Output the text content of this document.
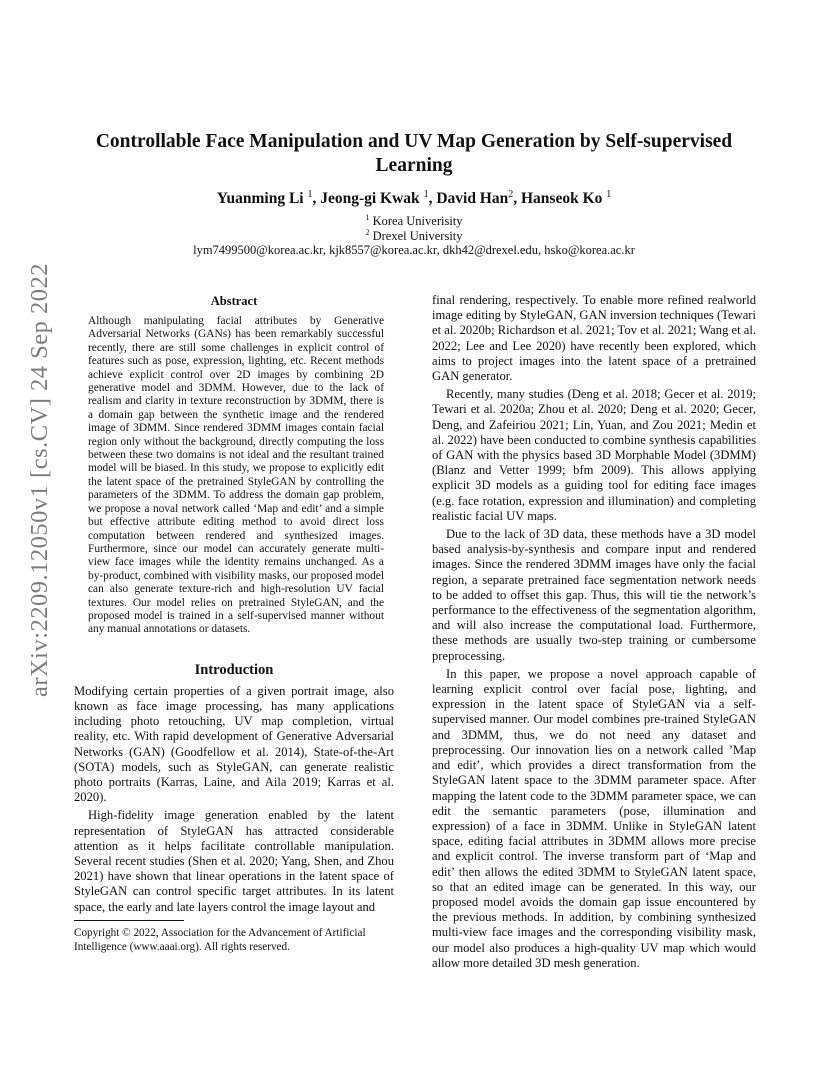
arXiv:2209.12050v1 [cs.CV] 24 Sep 2022
Controllable Face Manipulation and UV Map Generation by Self-supervised Learning

Yuanming Li $^1$, Jeong-gi Kwak $^1$, David Han$^2$, Hanseok Ko $^1$

$^1$ Korea Univerisity

$^2$ Drexel University

lym7499500@korea.ac.kr, kjk8557@korea.ac.kr, dkh42@drexel.edu, hsko@korea.ac.kr

Abstract

Although manipulating facial attributes by Generative Adversarial Networks (GANs) has been remarkably successful recently, there are still some challenges in explicit control of features such as pose, expression, lighting, etc. Recent methods achieve explicit control over 2D images by combining 2D generative model and 3DMM. However, due to the lack of realism and clarity in texture reconstruction by 3DMM, there is a domain gap between the synthetic image and the rendered image of 3DMM. Since rendered 3DMM images contain facial region only without the background, directly computing the loss between these two domains is not ideal and the resultant trained model will be biased. In this study, we propose to explicitly edit the latent space of the pretrained StyleGAN by controlling the parameters of the 3DMM. To address the domain gap problem, we propose a noval network called ‘Map and edit’ and a simple but effective attribute editing method to avoid direct loss computation between rendered and synthesized images. Furthermore, since our model can accurately generate multi-view face images while the identity remains unchanged. As a by-product, combined with visibility masks, our proposed model can also generate texture-rich and high-resolution UV facial textures. Our model relies on pretrained StyleGAN, and the proposed model is trained in a self-supervised manner without any manual annotations or datasets.

Introduction

Modifying certain properties of a given portrait image, also known as face image processing, has many applications including photo retouching, UV map completion, virtual reality, etc. With rapid development of Generative Adversarial Networks (GAN) (Goodfellow et al. 2014), State-of-the-Art (SOTA) models, such as StyleGAN, can generate realistic photo portraits (Karras, Laine, and Aila 2019; Karras et al. 2020).

High-fidelity image generation enabled by the latent representation of StyleGAN has attracted considerable attention as it helps facilitate controllable manipulation. Several recent studies (Shen et al. 2020; Yang, Shen, and Zhou 2021) have shown that linear operations in the latent space of StyleGAN can control specific target attributes. In its latent space, the early and late layers control the image layout and

Copyright © 2022, Association for the Advancement of Artificial Intelligence (www.aaai.org). All rights reserved.

final rendering, respectively. To enable more refined realworld image editing by StyleGAN, GAN inversion techniques (Tewari et al. 2020b; Richardson et al. 2021; Tov et al. 2021; Wang et al. 2022; Lee and Lee 2020) have recently been explored, which aims to project images into the latent space of a pretrained GAN generator.

Recently, many studies (Deng et al. 2018; Gecer et al. 2019; Tewari et al. 2020a; Zhou et al. 2020; Deng et al. 2020; Gecer, Deng, and Zafeiriou 2021; Lin, Yuan, and Zou 2021; Medin et al. 2022) have been conducted to combine synthesis capabilities of GAN with the physics based 3D Morphable Model (3DMM) (Blanz and Vetter 1999; bfm 2009). This allows applying explicit 3D models as a guiding tool for editing face images (e.g. face rotation, expression and illumination) and completing realistic facial UV maps.

Due to the lack of 3D data, these methods have a 3D model based analysis-by-synthesis and compare input and rendered images. Since the rendered 3DMM images have only the facial region, a separate pretrained face segmentation network needs to be added to offset this gap. Thus, this will tie the network’s performance to the effectiveness of the segmentation algorithm, and will also increase the computational load. Furthermore, these methods are usually two-step training or cumbersome preprocessing.

In this paper, we propose a novel approach capable of learning explicit control over facial pose, lighting, and expression in the latent space of StyleGAN via a self-supervised manner. Our model combines pre-trained StyleGAN and 3DMM, thus, we do not need any dataset and preprocessing. Our innovation lies on a network called ’Map and edit’, which provides a direct transformation from the StyleGAN latent space to the 3DMM parameter space. After mapping the latent code to the 3DMM parameter space, we can edit the semantic parameters (pose, illumination and expression) of a face in 3DMM. Unlike in StyleGAN latent space, editing facial attributes in 3DMM allows more precise and explicit control. The inverse transform part of ‘Map and edit’ then allows the edited 3DMM to StyleGAN latent space, so that an edited image can be generated. In this way, our proposed model avoids the domain gap issue encountered by the previous methods. In addition, by combining synthesized multi-view face images and the corresponding visibility mask, our model also produces a high-quality UV map which would allow more detailed 3D mesh generation.
